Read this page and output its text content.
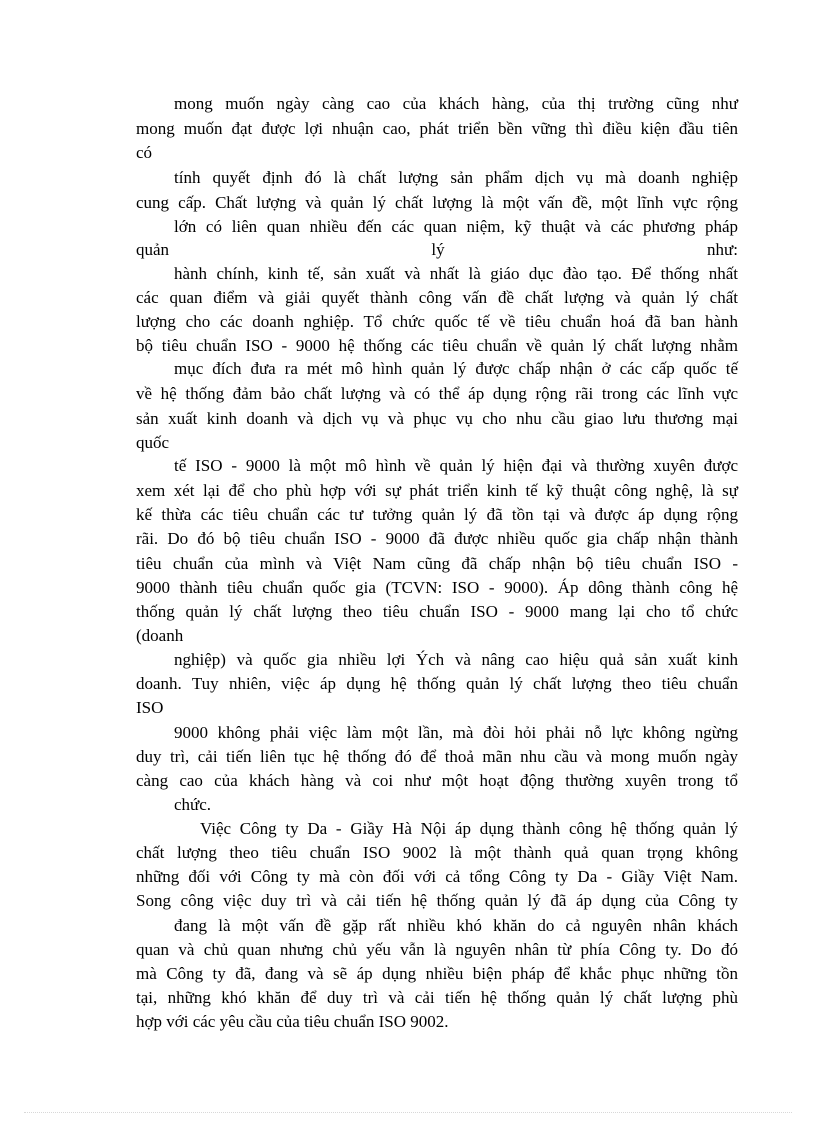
mong muốn ngày càng cao của khách hàng, của thị trường cũng như
mong muốn đạt được lợi nhuận cao, phát triển bền vững thì điều kiện đầu tiên
có
tính quyết định đó là chất lượng sản phẩm dịch vụ mà doanh nghiệp
cung cấp. Chất lượng và quản lý chất lượng là một vấn đề, một lĩnh vực rộng
lớn có liên quan nhiều đến các quan niệm, kỹ thuật và các phương pháp
quản lý như:
hành chính, kinh tế, sản xuất và nhất là giáo dục đào tạo. Để thống nhất
các quan điểm và giải quyết thành công vấn đề chất lượng và quản lý chất
lượng cho các doanh nghiệp. Tổ chức quốc tế về tiêu chuẩn hoá đã ban hành
bộ tiêu chuẩn ISO - 9000 hệ thống các tiêu chuẩn về quản lý chất lượng nhằm
mục đích đưa ra mét mô hình quản lý được chấp nhận ở các cấp quốc tế
về hệ thống đảm bảo chất lượng và có thể áp dụng rộng rãi trong các lĩnh vực
sản xuất kinh doanh và dịch vụ và phục vụ cho nhu cầu giao lưu thương mại
quốc
tế ISO - 9000 là một mô hình về quản lý hiện đại và thường xuyên được
xem xét lại để cho phù hợp với sự phát triển kinh tế kỹ thuật công nghệ, là sự
kế thừa các tiêu chuẩn các tư tưởng quản lý đã tồn tại và được áp dụng rộng
rãi. Do đó bộ tiêu chuẩn ISO - 9000 đã được nhiều quốc gia chấp nhận thành
tiêu chuẩn của mình và Việt Nam cũng đã chấp nhận bộ tiêu chuẩn ISO -
9000 thành tiêu chuẩn quốc gia (TCVN: ISO - 9000). Áp dông thành công hệ
thống quản lý chất lượng theo tiêu chuẩn ISO - 9000 mang lại cho tổ chức
(doanh
nghiệp) và quốc gia nhiều lợi Ých và nâng cao hiệu quả sản xuất kinh
doanh. Tuy nhiên, việc áp dụng hệ thống quản lý chất lượng theo tiêu chuẩn
ISO
9000 không phải việc làm một lần, mà đòi hỏi phải nỗ lực không ngừng
duy trì, cải tiến liên tục hệ thống đó để thoả mãn nhu cầu và mong muốn ngày
càng cao của khách hàng và coi như một hoạt động thường xuyên trong tổ
chức.
Việc Công ty Da - Giầy Hà Nội áp dụng thành công hệ thống quản lý
chất lượng theo tiêu chuẩn ISO 9002 là một thành quả quan trọng không
những đối với Công ty mà còn đối với cả tổng Công ty Da - Giầy Việt Nam.
Song công việc duy trì và cải tiến hệ thống quản lý đã áp dụng của Công ty
đang là một vấn đề gặp rất nhiều khó khăn do cả nguyên nhân khách
quan và chủ quan nhưng chủ yếu vẫn là nguyên nhân từ phía Công ty. Do đó
mà Công ty đã, đang và sẽ áp dụng nhiều biện pháp để khắc phục những tồn
tại, những khó khăn để duy trì và cải tiến hệ thống quản lý chất lượng phù
hợp với các yêu cầu của tiêu chuẩn ISO 9002.
